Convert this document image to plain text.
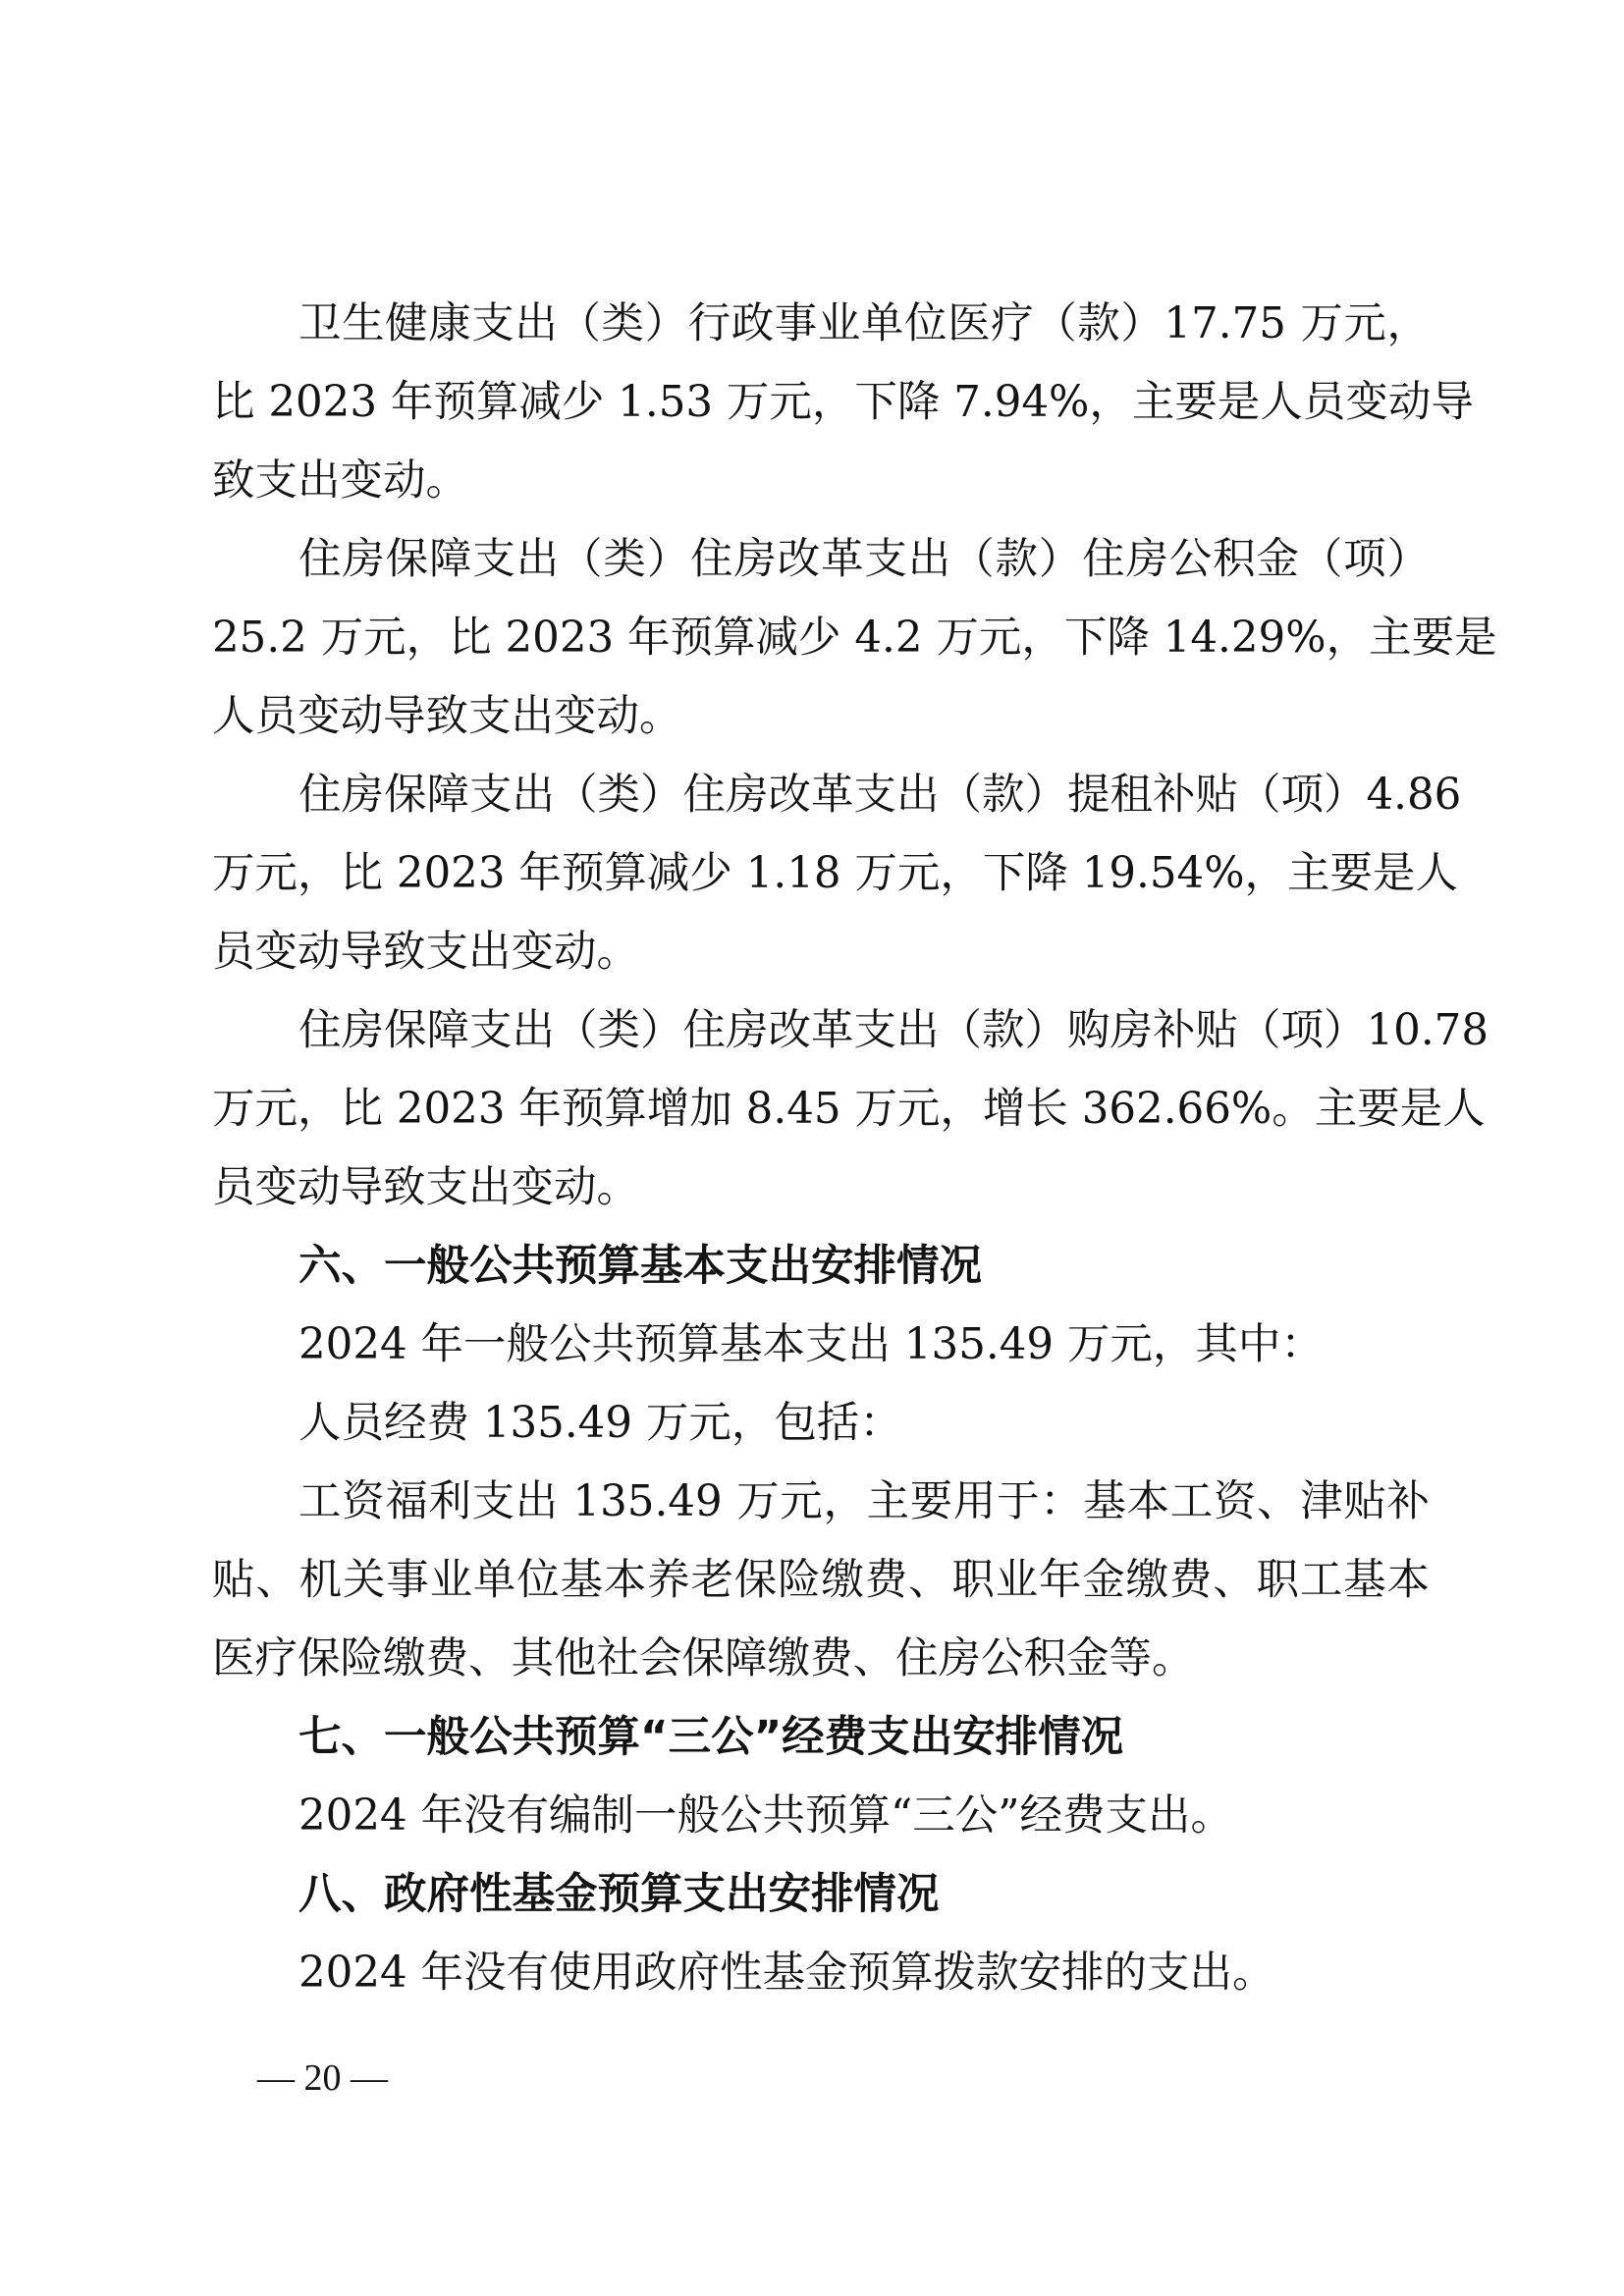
卫生健康支出（类）行政事业单位医疗（款）17.75 万元，

比 2023 年预算减少 1.53 万元，下降 7.94%，主要是人员变动导

致支出变动。

住房保障支出（类）住房改革支出（款）住房公积金（项）

25.2 万元，比 2023 年预算减少 4.2 万元，下降 14.29%，主要是

人员变动导致支出变动。

住房保障支出（类）住房改革支出（款）提租补贴（项）4.86

万元，比 2023 年预算减少 1.18 万元，下降 19.54%，主要是人

员变动导致支出变动。

住房保障支出（类）住房改革支出（款）购房补贴（项）10.78

万元，比 2023 年预算增加 8.45 万元，增长 362.66%。主要是人

员变动导致支出变动。

六、一般公共预算基本支出安排情况

2024 年一般公共预算基本支出 135.49 万元，其中：

人员经费 135.49 万元，包括：

工资福利支出 135.49 万元，主要用于：基本工资、津贴补

贴、机关事业单位基本养老保险缴费、职业年金缴费、职工基本

医疗保险缴费、其他社会保障缴费、住房公积金等。

七、一般公共预算“三公”经费支出安排情况

2024 年没有编制一般公共预算“三公”经费支出。

八、政府性基金预算支出安排情况

2024 年没有使用政府性基金预算拨款安排的支出。

— 20 —
